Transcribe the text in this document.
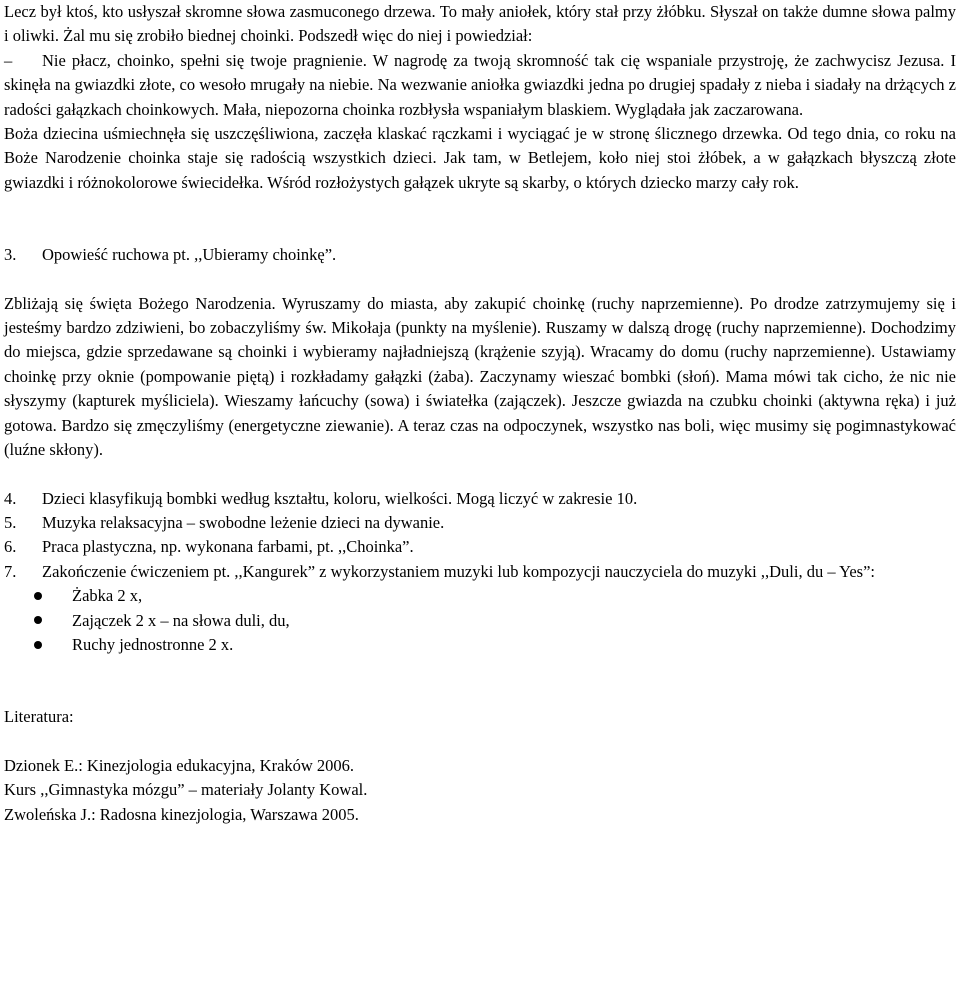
Lecz był ktoś, kto usłyszał skromne słowa zasmuconego drzewa. To mały aniołek, który stał przy żłóbku. Słyszał on także dumne słowa palmy i oliwki. Żal mu się zrobiło biednej choinki. Podszedł więc do niej i powiedział:

– Nie płacz, choinko, spełni się twoje pragnienie. W nagrodę za twoją skromność tak cię wspaniale przystroję, że zachwycisz Jezusa. I skinęła na gwiazdki złote, co wesoło mrugały na niebie. Na wezwanie aniołka gwiazdki jedna po drugiej spadały z nieba i siadały na drżących z radości gałązkach choinkowych. Mała, niepozorna choinka rozbłysła wspaniałym blaskiem. Wyglądała jak zaczarowana.

Boża dziecina uśmiechnęła się uszczęśliwiona, zaczęła klaskać rączkami i wyciągać je w stronę ślicznego drzewka. Od tego dnia, co roku na Boże Narodzenie choinka staje się radością wszystkich dzieci. Jak tam, w Betlejem, koło niej stoi żłóbek, a w gałązkach błyszczą złote gwiazdki i różnokolorowe świecidełka. Wśród rozłożystych gałązek ukryte są skarby, o których dziecko marzy cały rok.

3.	Opowieść ruchowa pt. ,,Ubieramy choinkę”.

Zbliżają się święta Bożego Narodzenia. Wyruszamy do miasta, aby zakupić choinkę (ruchy naprzemienne). Po drodze zatrzymujemy się i jesteśmy bardzo zdziwieni, bo zobaczyliśmy św. Mikołaja (punkty na myślenie). Ruszamy w dalszą drogę (ruchy naprzemienne). Dochodzimy do miejsca, gdzie sprzedawane są choinki i wybieramy najładniejszą (krążenie szyją). Wracamy do domu (ruchy naprzemienne). Ustawiamy choinkę przy oknie (pompowanie piętą) i rozkładamy gałązki (żaba). Zaczynamy wieszać bombki (słoń). Mama mówi tak cicho, że nic nie słyszymy (kapturek myśliciela). Wieszamy łańcuchy (sowa) i światełka (zajączek). Jeszcze gwiazda na czubku choinki (aktywna ręka) i już gotowa. Bardzo się zmęczyliśmy (energetyczne ziewanie). A teraz czas na odpoczynek, wszystko nas boli, więc musimy się pogimnastykować (luźne skłony).

4.	Dzieci klasyfikują bombki według kształtu, koloru, wielkości. Mogą liczyć w zakresie 10.
5.	Muzyka relaksacyjna – swobodne leżenie dzieci na dywanie.
6.	Praca plastyczna, np. wykonana farbami, pt. ,,Choinka”.

7. Zakończenie ćwiczeniem pt. ,,Kangurek” z wykorzystaniem muzyki lub kompozycji nauczyciela do muzyki ,,Duli, du – Yes”:

Żabka 2 x,
Zajączek 2 x – na słowa duli, du,
Ruchy jednostronne 2 x.
Literatura:
Dzionek E.: Kinezjologia edukacyjna, Kraków 2006.
Kurs ,,Gimnastyka mózgu” – materiały Jolanty Kowal.
Zwoleńska J.: Radosna kinezjologia, Warszawa 2005.
